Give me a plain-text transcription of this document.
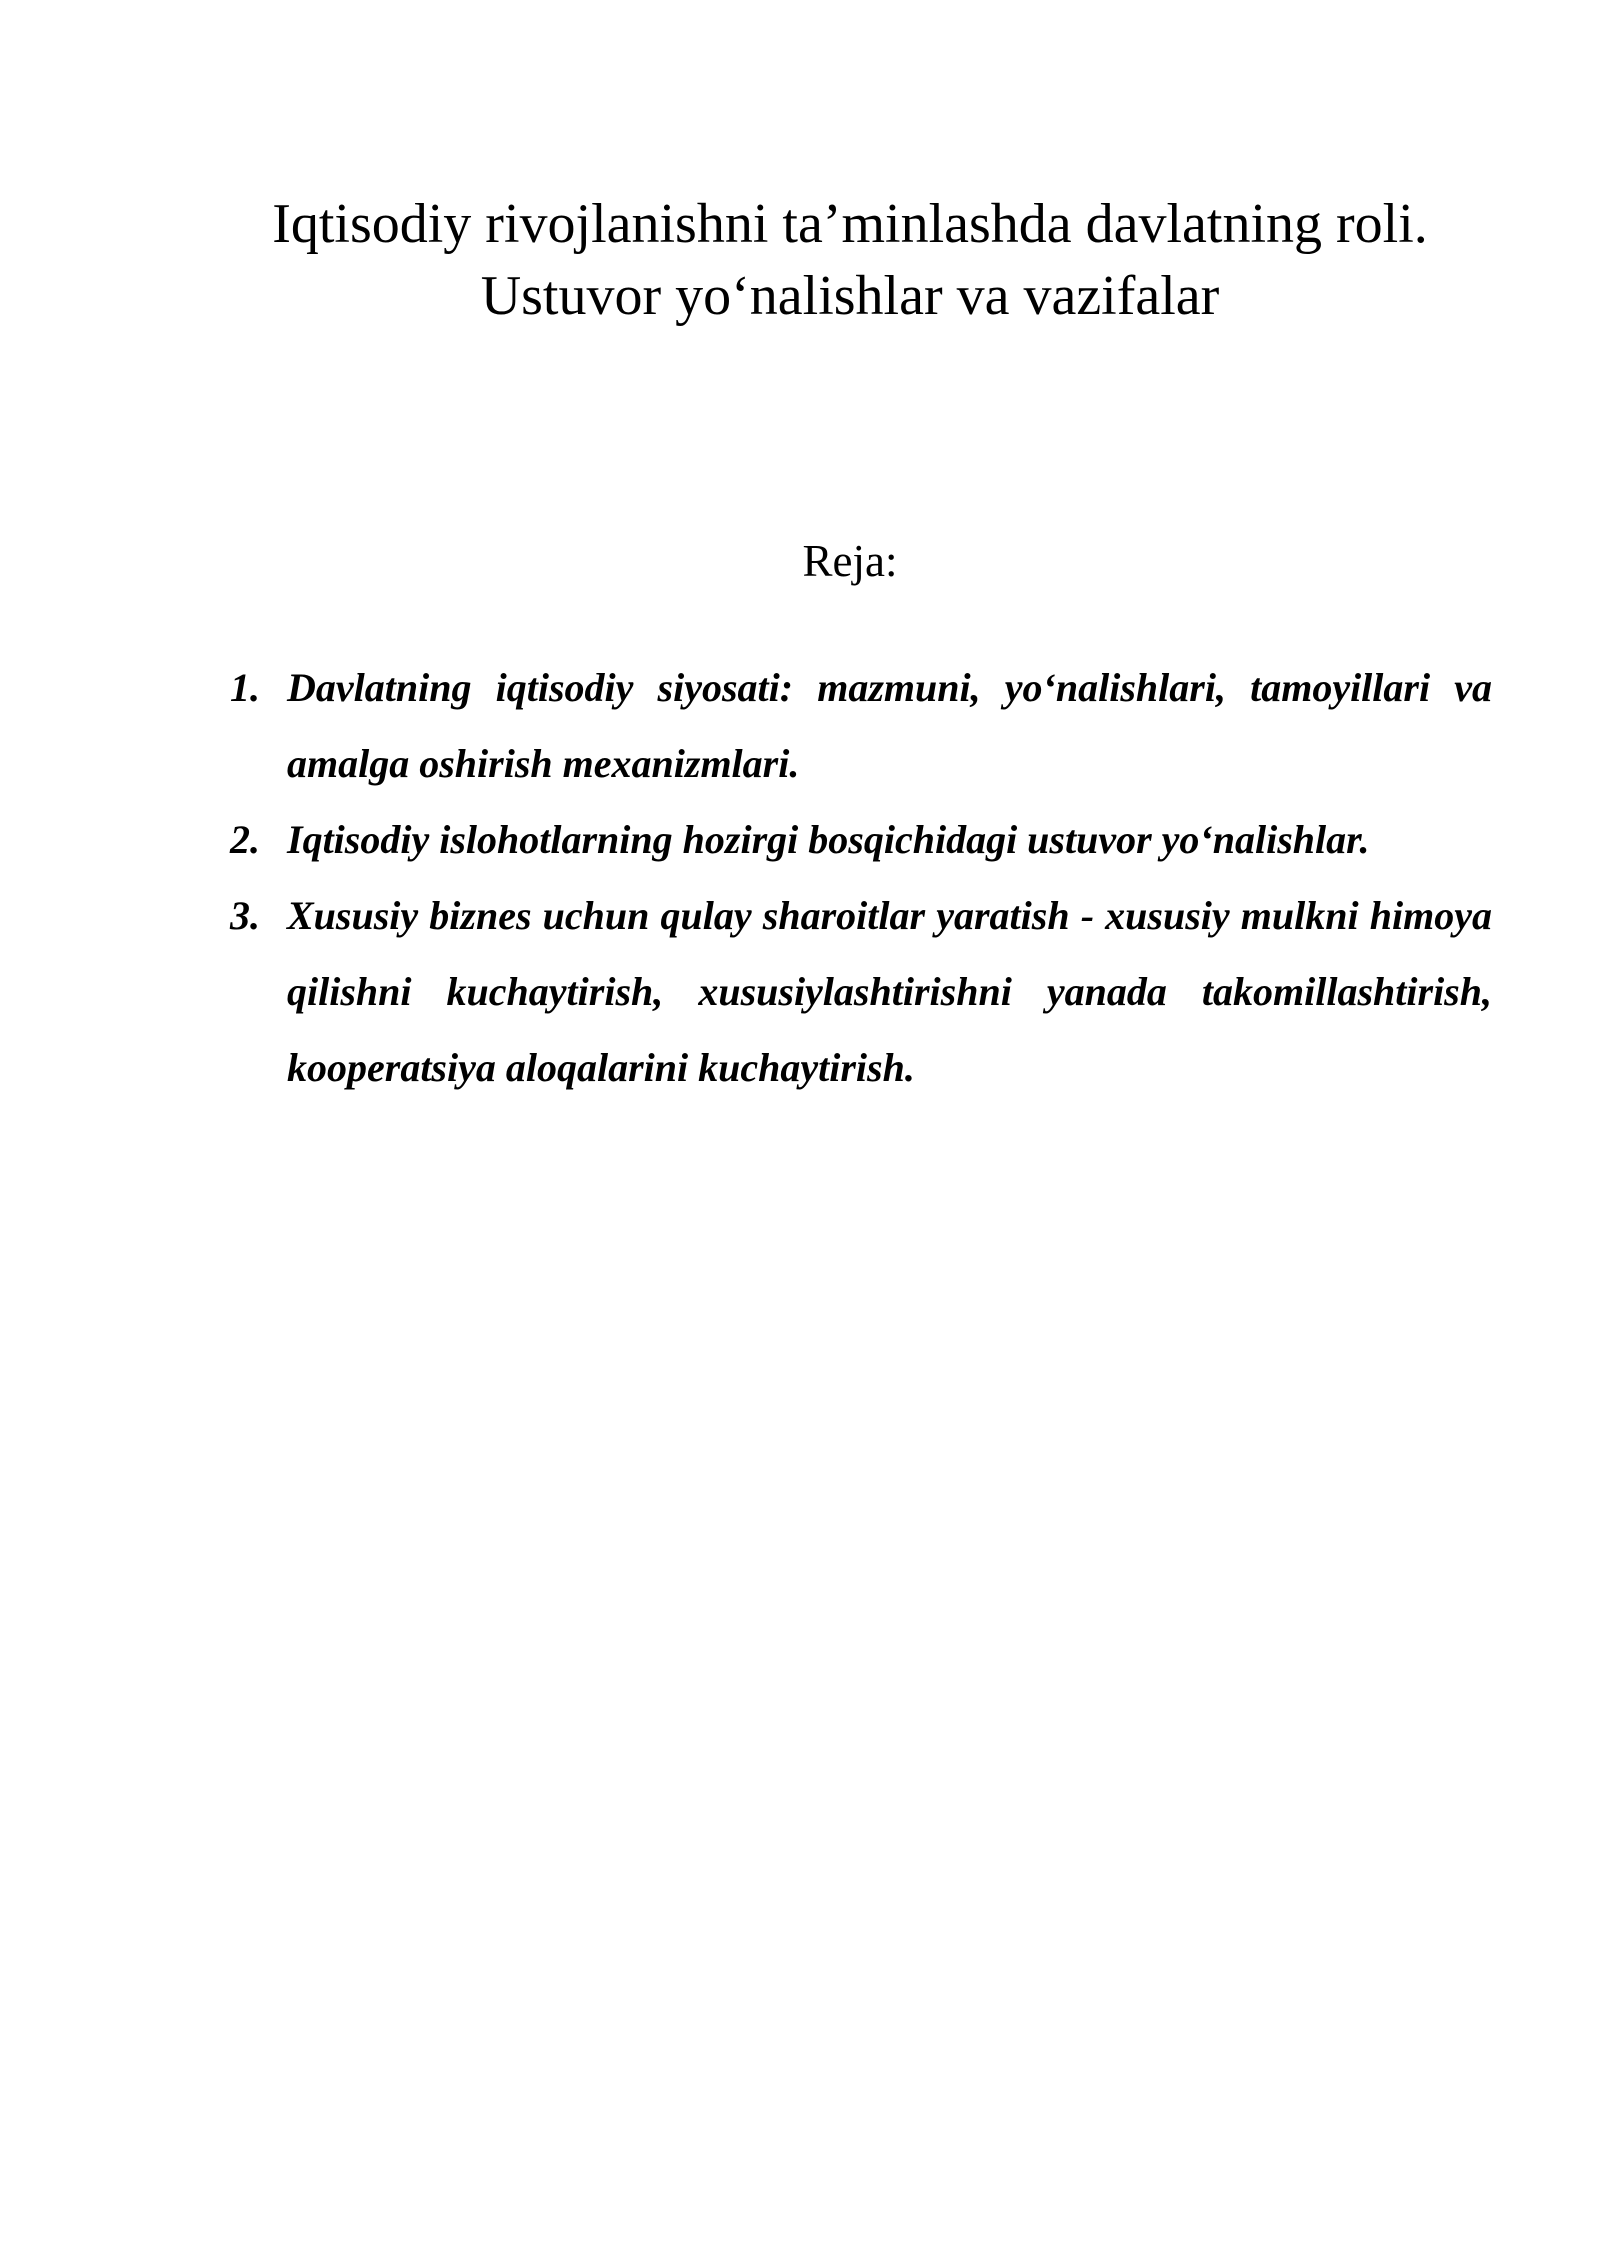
Iqtisodiy rivojlanishni ta’minlashda davlatning roli.
Ustuvor yo‘nalishlar va vazifalar
Reja:
1. Davlatning iqtisodiy siyosati: mazmuni, yo‘nalishlari, tamoyillari va amalga oshirish mexanizmlari.
2. Iqtisodiy islohotlarning hozirgi bosqichidagi ustuvor yo‘nalishlar.
3. Xususiy biznes uchun qulay sharoitlar yaratish - xususiy mulkni himoya qilishni kuchaytirish, xususiylashtirishni yanada takomillashtirish, kooperatsiya aloqalarini kuchaytirish.
